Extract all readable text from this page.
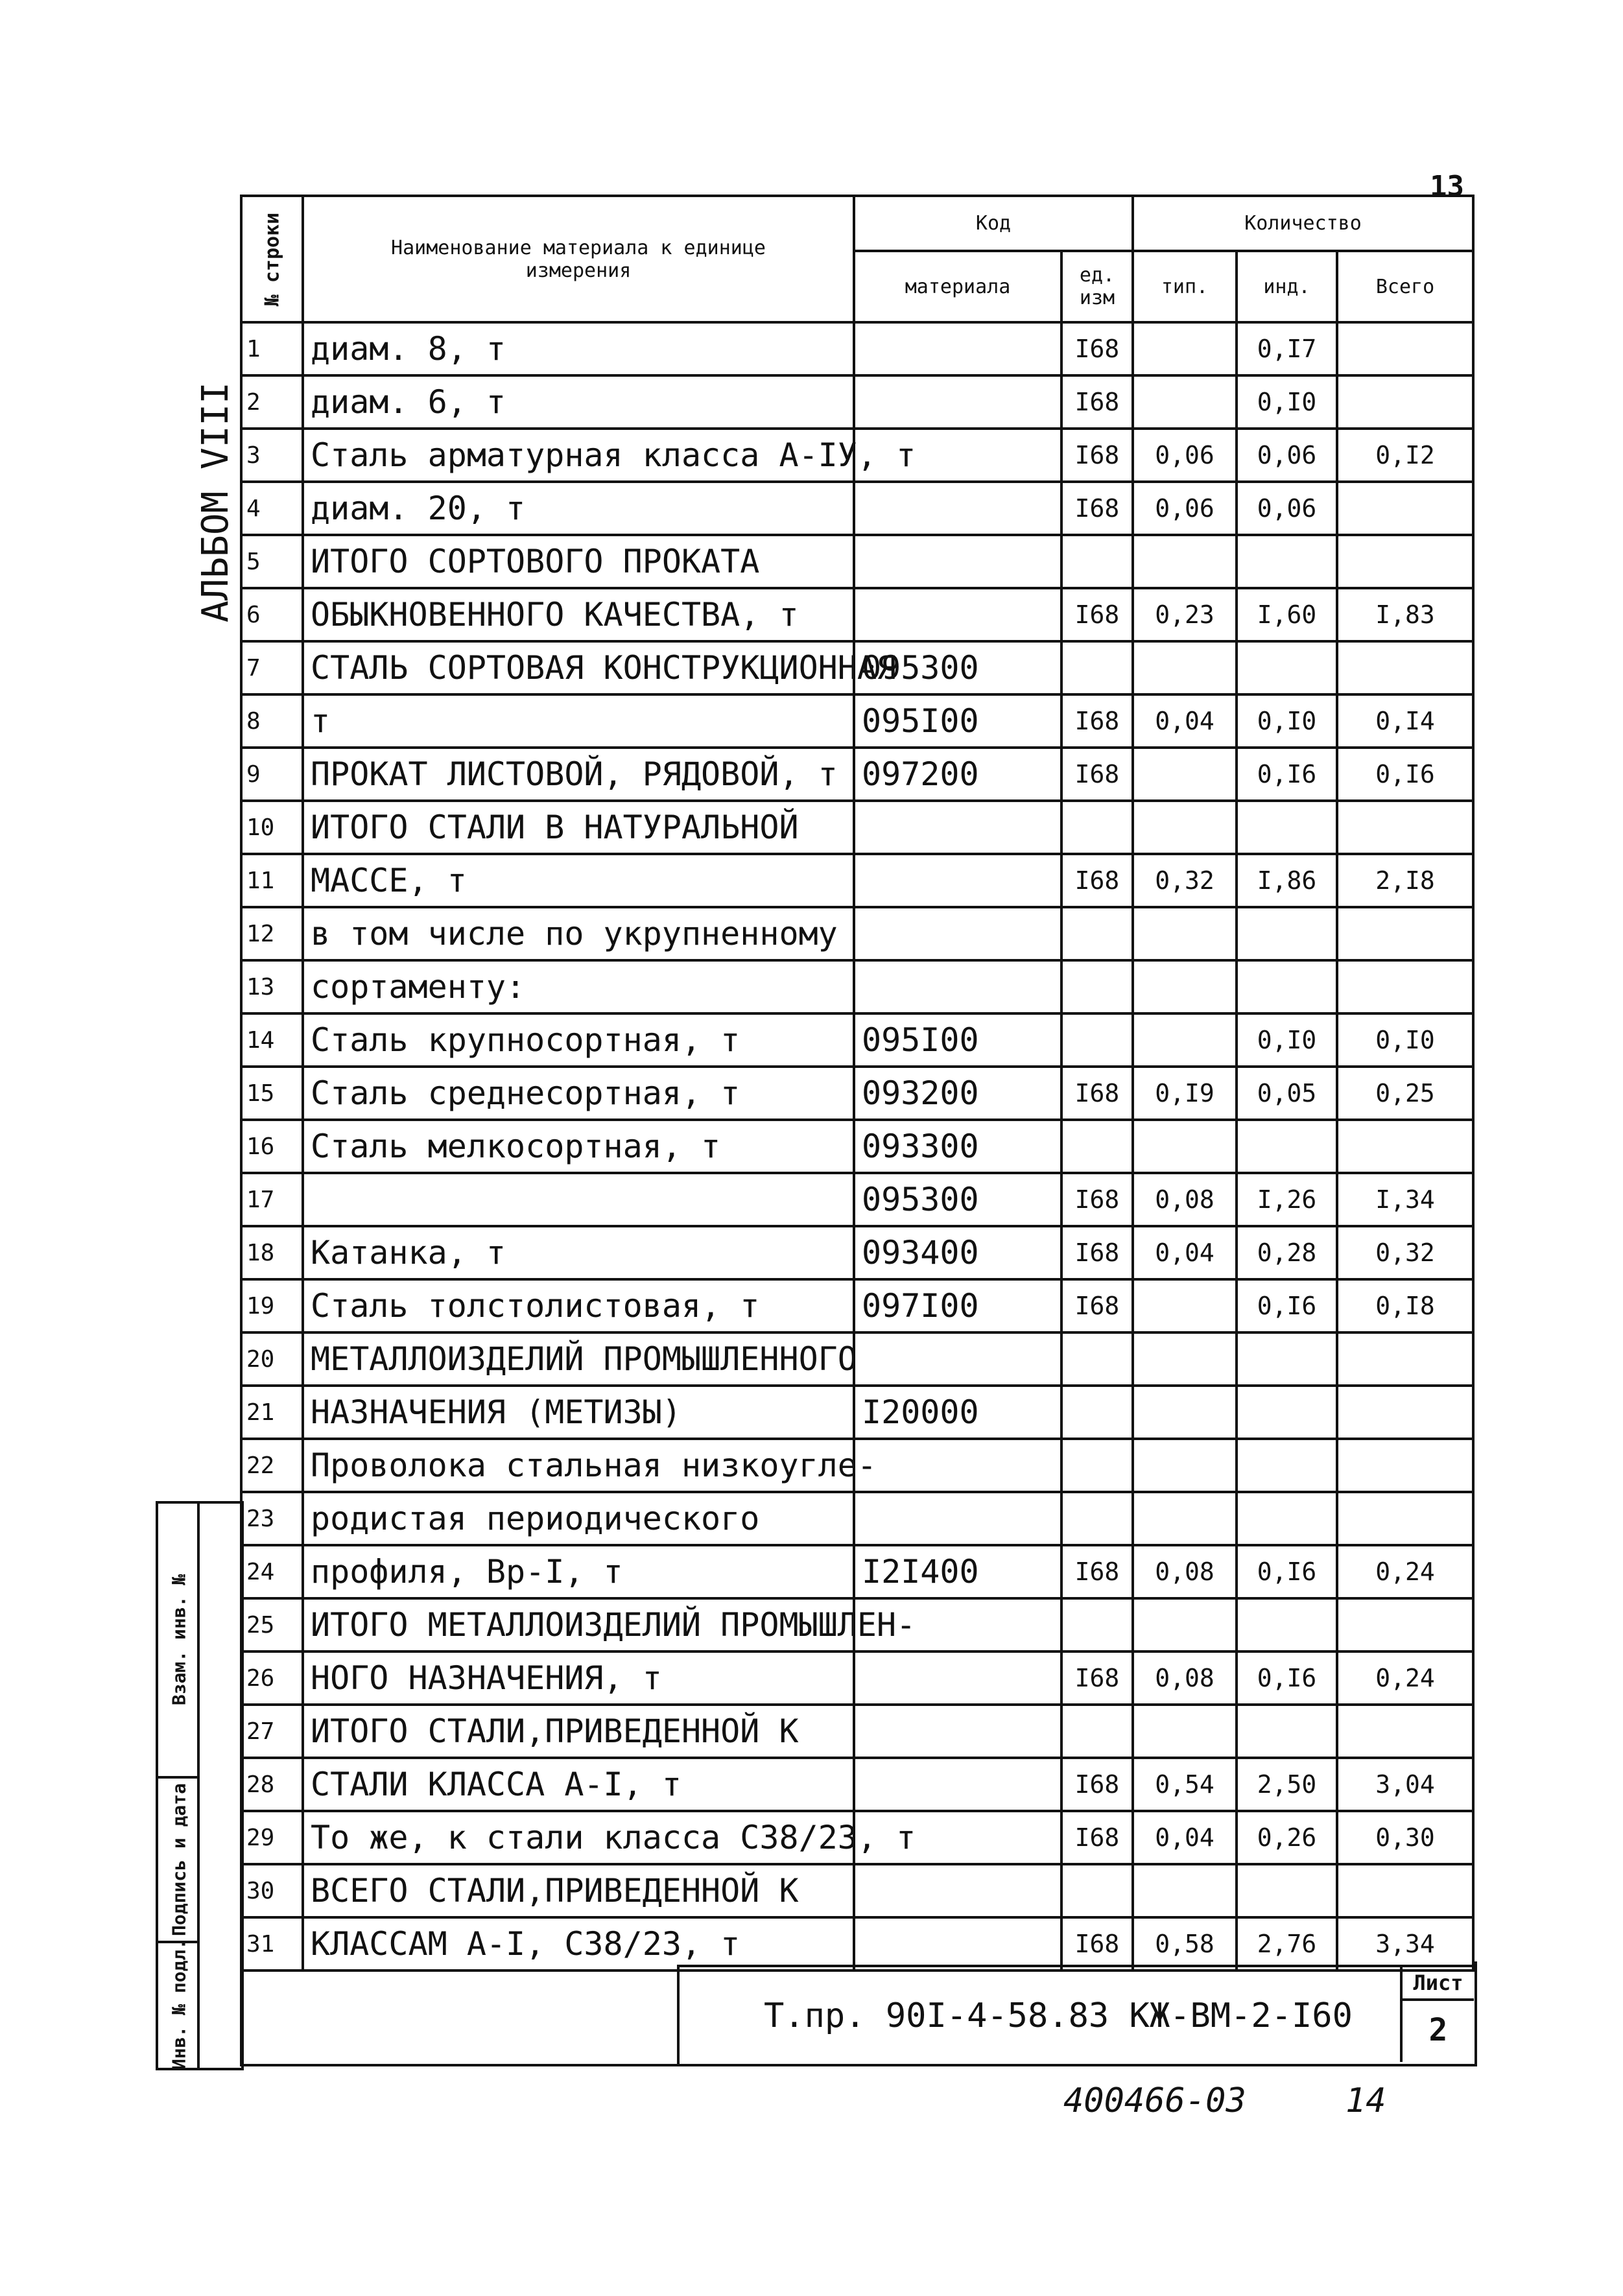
13
АЛЬБОМ VIII
№ строки	Наименование материала к единице измерения	Код		Количество		
		материала	ед. изм	тип.	инд.	Всего
1	диам. 8, т		I68		0,I7	
2	диам. 6, т		I68		0,I0	
3	Сталь арматурная класса А-IУ, т		I68	0,06	0,06	0,I2
4	диам. 20, т		I68	0,06	0,06	
5	ИТОГО СОРТОВОГО ПРОКАТА					
6	ОБЫКНОВЕННОГО КАЧЕСТВА, т		I68	0,23	I,60	I,83
7	СТАЛЬ СОРТОВАЯ КОНСТРУКЦИОННАЯ	095300				
8	т	095I00	I68	0,04	0,I0	0,I4
9	ПРОКАТ ЛИСТОВОЙ, РЯДОВОЙ, т	097200	I68		0,I6	0,I6
10	ИТОГО СТАЛИ В НАТУРАЛЬНОЙ					
11	МАССЕ, т		I68	0,32	I,86	2,I8
12	в том числе по укрупненному					
13	сортаменту:					
14	Сталь крупносортная, т	095I00			0,I0	0,I0
15	Сталь среднесортная, т	093200	I68	0,I9	0,05	0,25
16	Сталь мелкосортная, т	093300				
17		095300	I68	0,08	I,26	I,34
18	Катанка, т	093400	I68	0,04	0,28	0,32
19	Сталь толстолистовая, т	097I00	I68		0,I6	0,I8
20	МЕТАЛЛОИЗДЕЛИЙ ПРОМЫШЛЕННОГО					
21	НАЗНАЧЕНИЯ (МЕТИЗЫ)	I20000				
22	Проволока стальная низкоугле-					
23	родистая периодического					
24	профиля, Вр-I, т	I2I400	I68	0,08	0,I6	0,24
25	ИТОГО МЕТАЛЛОИЗДЕЛИЙ ПРОМЫШЛЕН-					
26	НОГО НАЗНАЧЕНИЯ, т		I68	0,08	0,I6	0,24
27	ИТОГО СТАЛИ,ПРИВЕДЕННОЙ К					
28	СТАЛИ КЛАССА А-I, т		I68	0,54	2,50	3,04
29	То же, к стали класса С38/23, т		I68	0,04	0,26	0,30
30	ВСЕГО СТАЛИ,ПРИВЕДЕННОЙ К					
31	КЛАССАМ А-I, С38/23, т		I68	0,58	2,76	3,34
Взам. инв. №
Подпись и дата
Инв. № подл.	Т.пр. 90I-4-58.83 КЖ-ВМ-2-I60
Лист
2
400466-03	14
